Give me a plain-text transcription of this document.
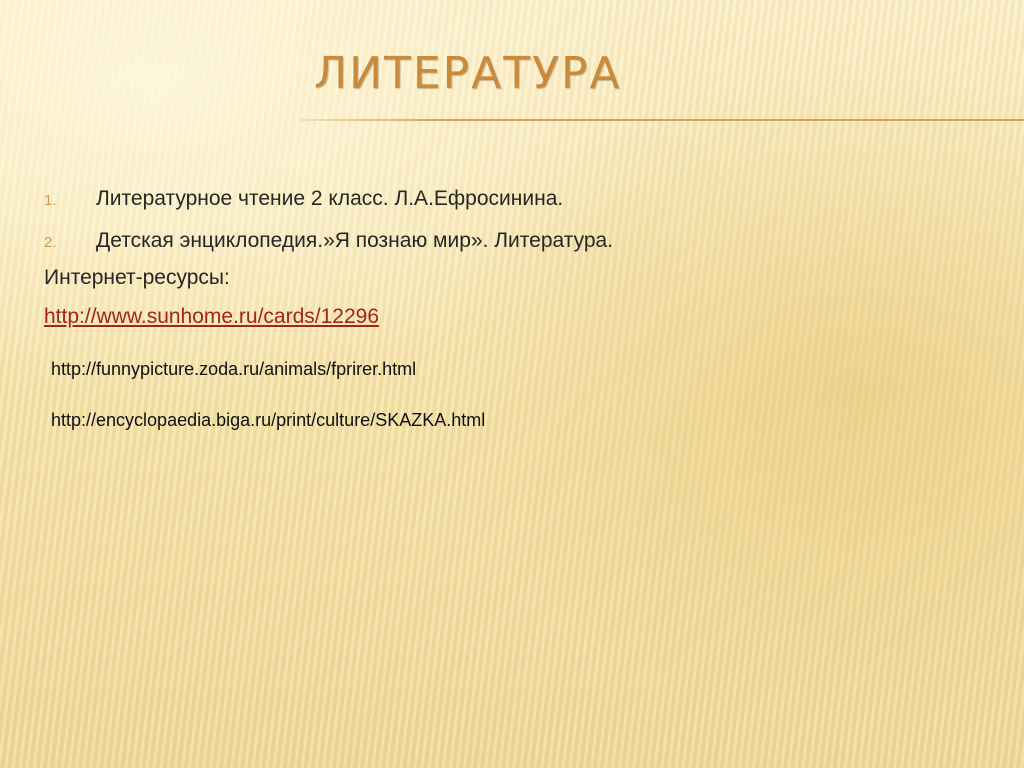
ЛИТЕРАТУРА
1. Литературное чтение 2 класс. Л.А.Ефросинина.
2. Детская энциклопедия.»Я познаю мир». Литература.
Интернет-ресурсы:
http://www.sunhome.ru/cards/12296
http://funnypicture.zoda.ru/animals/fprirer.html
http://encyclopaedia.biga.ru/print/culture/SKAZKA.html
